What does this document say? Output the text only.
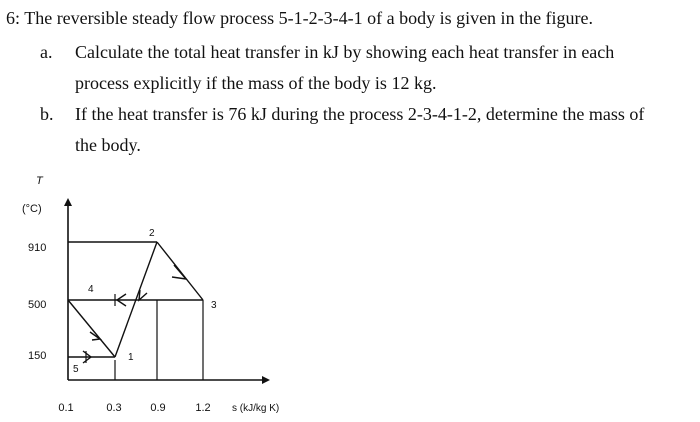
6: The reversible steady flow process 5-1-2-3-4-1 of a body is given in the figure.
a. Calculate the total heat transfer in kJ by showing each heat transfer in each
process explicitly if the mass of the body is 12 kg.
b. If the heat transfer is 76 kJ during the process 2-3-4-1-2, determine the mass of
the body.
T
(°C)
s (kJ/kg K)
0.1	0.3	0.9	1.2
910
500
150
2
3
4
1
5
